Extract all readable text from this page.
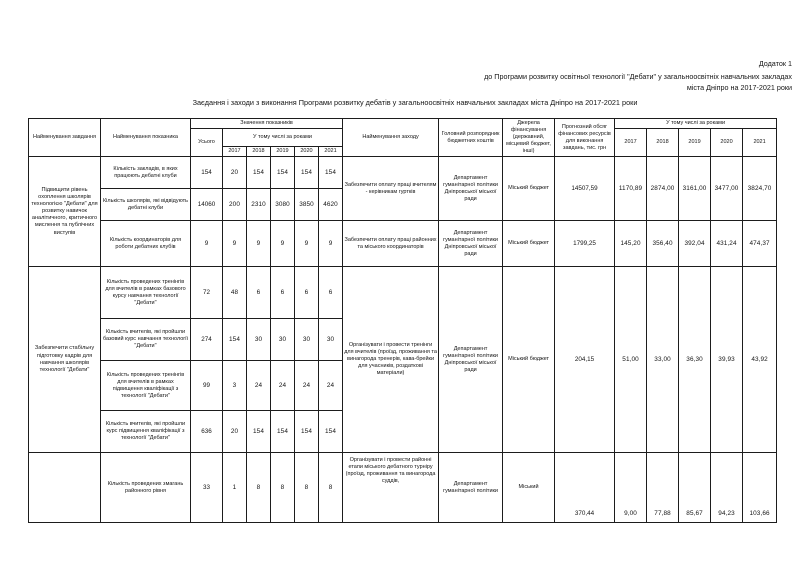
Додаток 1
до Програми розвитку освітньої технології "Дебати" у загальноосвітніх навчальних закладах
міста Дніпро на 2017-2021 роки
Заєдання і заходи з виконання Програми розвитку дебатів у загальноосвітніх навчальних закладах міста Дніпро на 2017-2021 роки
Найменування завдання	Найменування показника	Значення показників						Найменування заходу	Головний розпорядник бюджетних коштів	Джерела фінансування (державний, місцевий бюджет, інші)	Прогнозний обсяг фінансових ресурсів для виконання завдань, тис. грн	У тому числі за роками				
		Усього	У тому числі за роками									2017	2018	2019	2020	2021
			2017	2018	2019	2020	2021									
Підвищити рівень охоплення школярів технологією "Дебати" для розвитку навичок аналітичного, критичного мислення та публічних виступів	Кількість закладів, в яких працюють дебатні клуби	154	20	154	154	154	154	Забезпечити оплату праці вчителям - керівникам гуртків	Департамент гуманітарної політики Дніпровської міської ради	Міський бюджет	14507,59	1170,89	2874,00	3161,00	3477,00	3824,70
	Кількість школярів, які відвідують дебатні клуби	14060	200	2310	3080	3850	4620									
	Кількість координаторів для роботи дебатних клубів	9	9	9	9	9	9	Забезпечити оплату праці районних та міського координаторів	Департамент гуманітарної політики Дніпровської міської ради	Міський бюджет	1799,25	145,20	356,40	392,04	431,24	474,37
Забезпечити стабільну підготовку кадрів для навчання школярів технології "Дебати"	Кількість проведених тренінгів для вчителів в рамках базового курсу навчання технології "Дебати"	72	48	6	6	6	6	Організувати і провести тренінги для вчителів (проїзд, проживання та винагорода тренерів, кава-брейки для учасників, роздаткові матеріали)	Департамент гуманітарної політики Дніпровської міської ради	Міський бюджет	204,15	51,00	33,00	36,30	39,93	43,92
	Кількість вчителів, які пройшли базовий курс навчання технології "Дебати"	274	154	30	30	30	30									
	Кількість проведених тренінгів для вчителів в рамках підвищення кваліфікації з технології "Дебати"	99	3	24	24	24	24									
	Кількість вчителів, які пройшли курс підвищення кваліфікації з технології "Дебати"	636	20	154	154	154	154									
	Кількість проведених змагань районного рівня	33	1	8	8	8	8	Організувати і провести районні етапи міського дебатного турніру (проїзд, проживання та винагорода суддів,	Департамент гуманітарної політики	Міський	370,44	9,00	77,88	85,67	94,23	103,66
